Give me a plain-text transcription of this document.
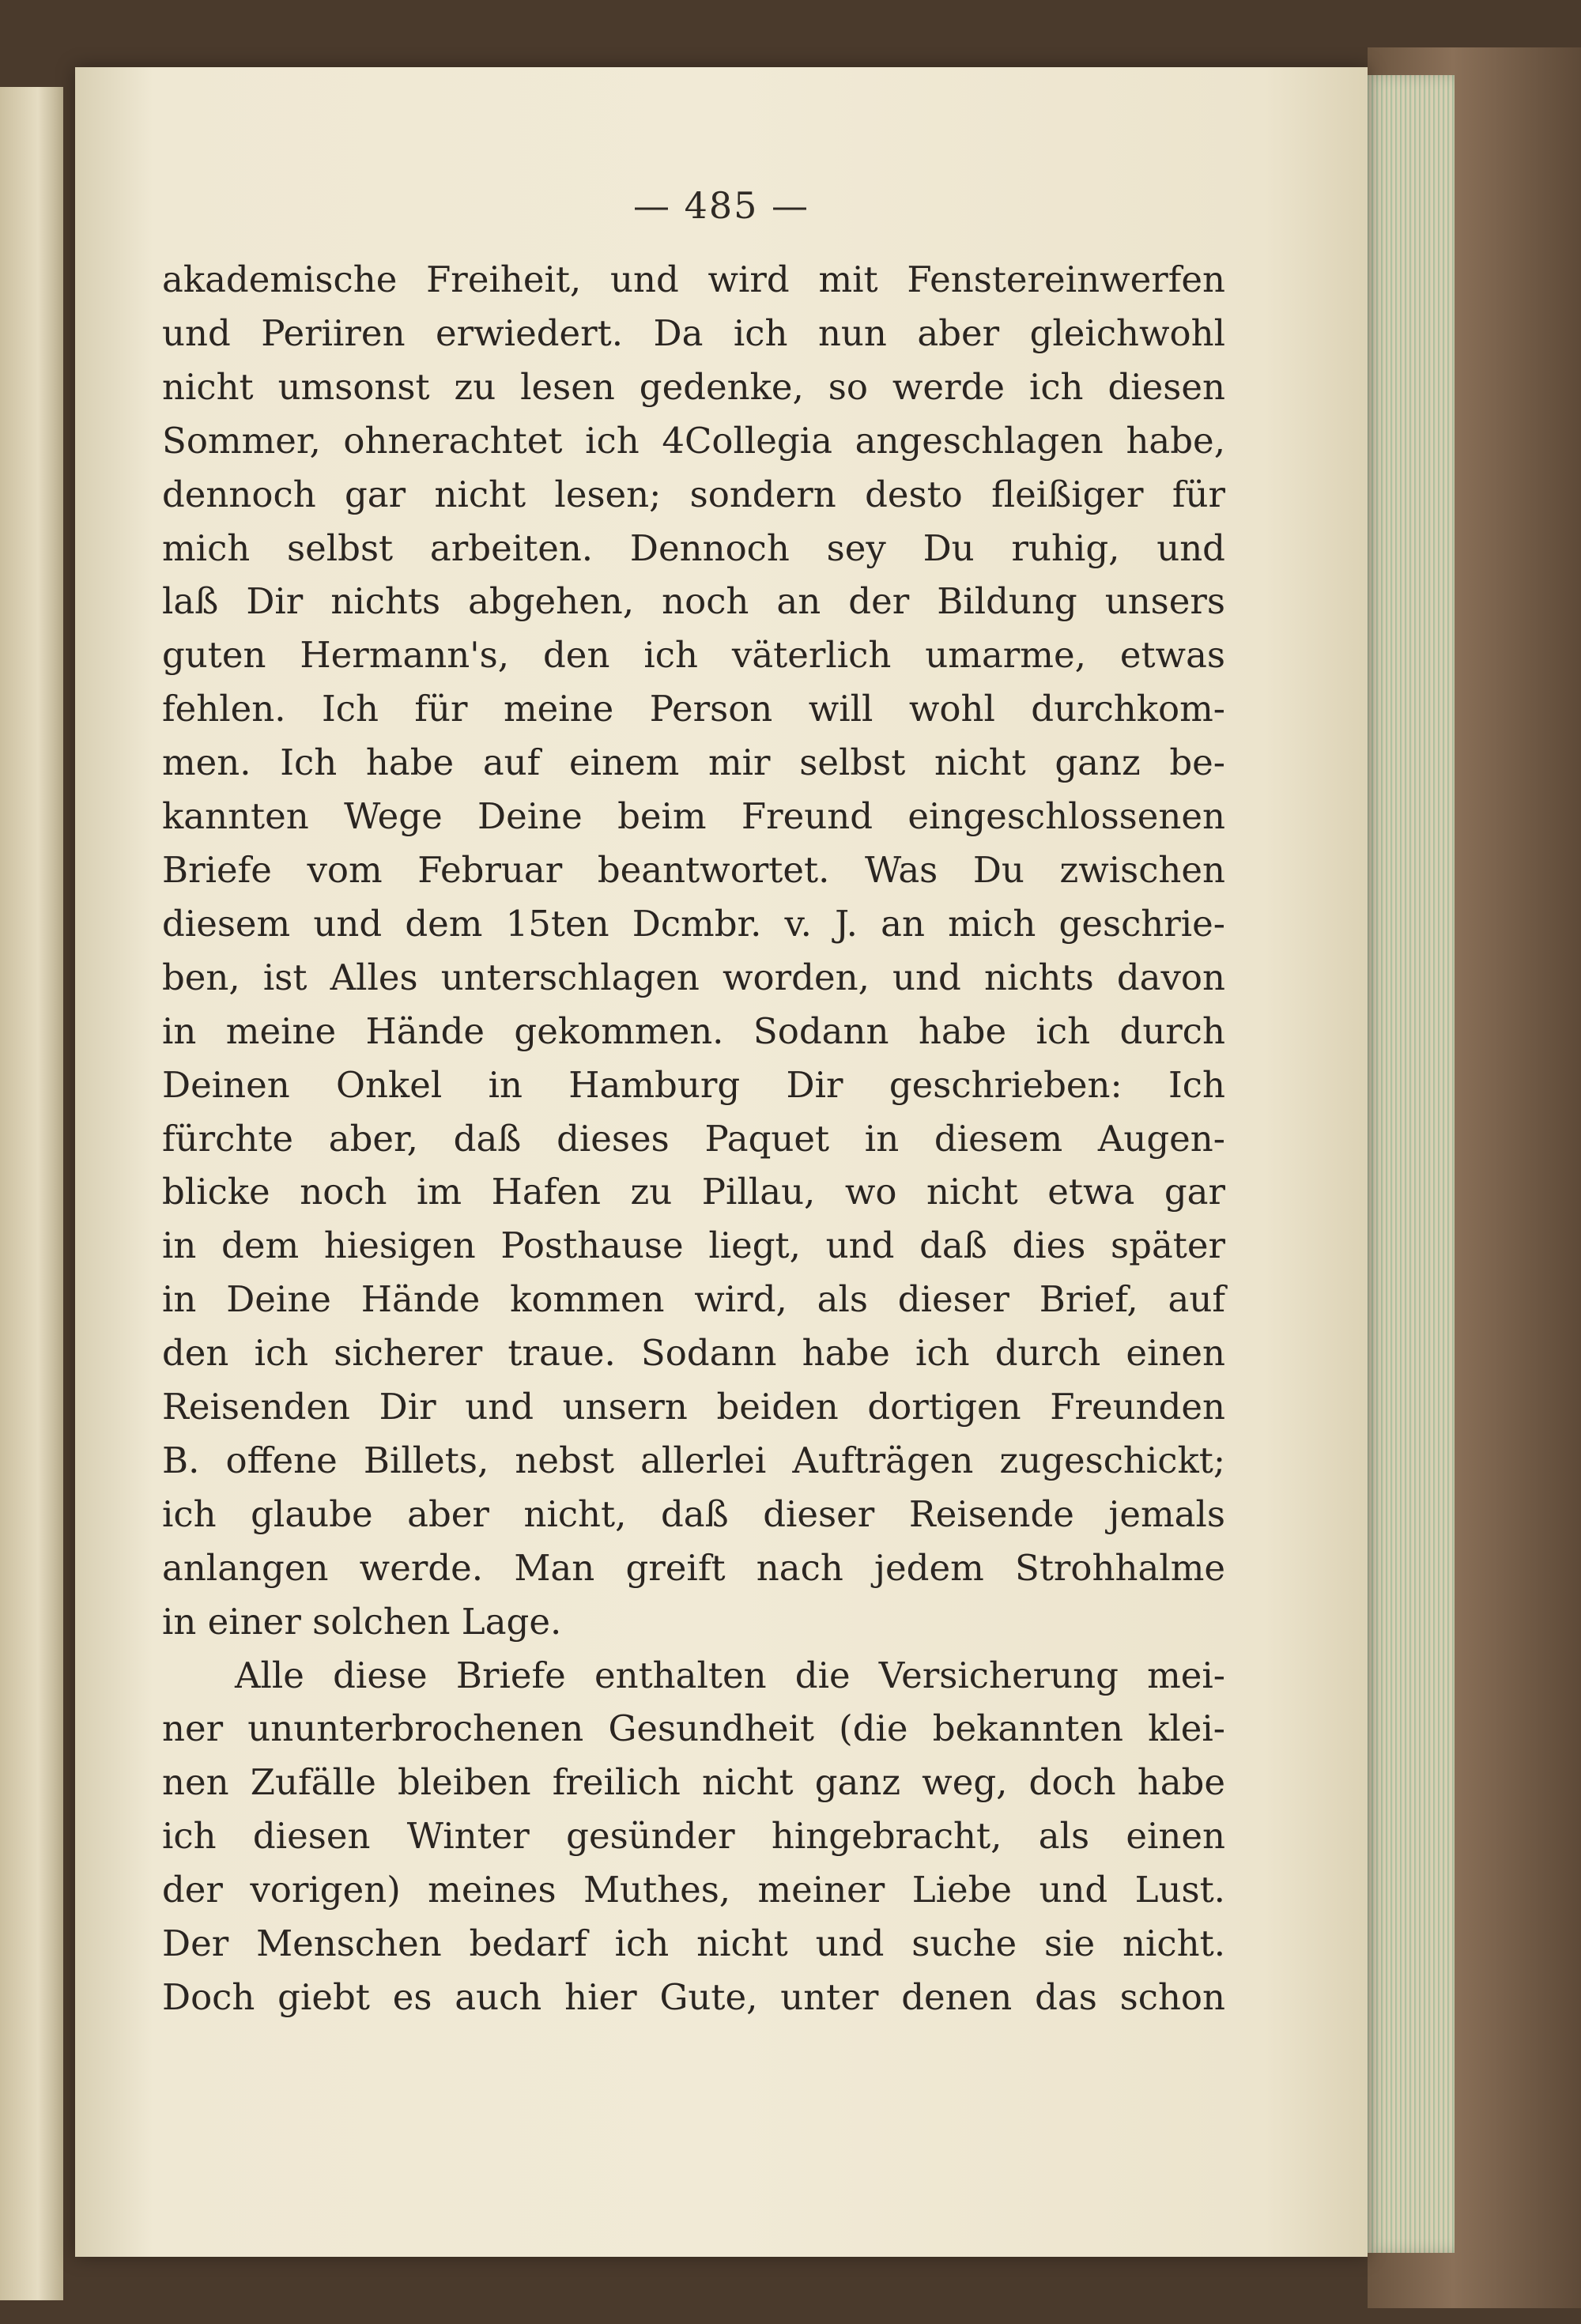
— 485 —
akademische Freiheit, und wird mit Fenstereinwerfen
und Periiren erwiedert. Da ich nun aber gleichwohl
nicht umsonst zu lesen gedenke, so werde ich diesen
Sommer, ohnerachtet ich 4Collegia angeschlagen habe,
dennoch gar nicht lesen; sondern desto fleißiger für
mich selbst arbeiten. Dennoch sey Du ruhig, und
laß Dir nichts abgehen, noch an der Bildung unsers
guten Hermann's, den ich väterlich umarme, etwas
fehlen. Ich für meine Person will wohl durchkom-
men. Ich habe auf einem mir selbst nicht ganz be-
kannten Wege Deine beim Freund eingeschlossenen
Briefe vom Februar beantwortet. Was Du zwischen
diesem und dem 15ten Dcmbr. v. J. an mich geschrie-
ben, ist Alles unterschlagen worden, und nichts davon
in meine Hände gekommen. Sodann habe ich durch
Deinen Onkel in Hamburg Dir geschrieben: Ich
fürchte aber, daß dieses Paquet in diesem Augen-
blicke noch im Hafen zu Pillau, wo nicht etwa gar
in dem hiesigen Posthause liegt, und daß dies später
in Deine Hände kommen wird, als dieser Brief, auf
den ich sicherer traue. Sodann habe ich durch einen
Reisenden Dir und unsern beiden dortigen Freunden
B. offene Billets, nebst allerlei Aufträgen zugeschickt;
ich glaube aber nicht, daß dieser Reisende jemals
anlangen werde. Man greift nach jedem Strohhalme
in einer solchen Lage.
Alle diese Briefe enthalten die Versicherung mei-
ner ununterbrochenen Gesundheit (die bekannten klei-
nen Zufälle bleiben freilich nicht ganz weg, doch habe
ich diesen Winter gesünder hingebracht, als einen
der vorigen) meines Muthes, meiner Liebe und Lust.
Der Menschen bedarf ich nicht und suche sie nicht.
Doch giebt es auch hier Gute, unter denen das schon
